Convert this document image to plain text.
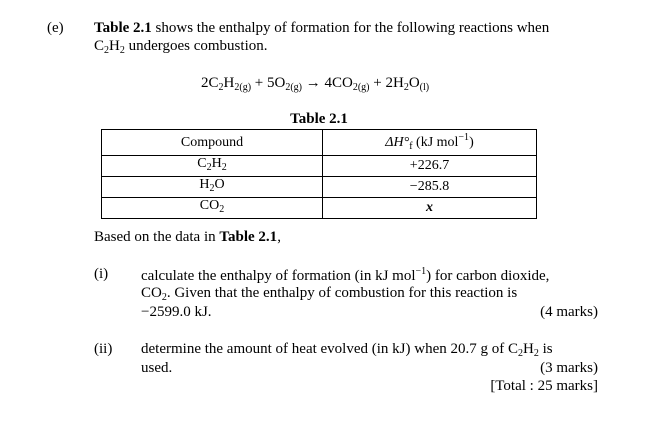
(e) Table 2.1 shows the enthalpy of formation for the following reactions when
$C_2H_2$ undergoes combustion.
$2C_2H_{2(g)} + 5O_{2(g)} \to 4CO_{2(g)} + 2H_2O_{(l)}$
Table 2.1
Compound	$\Delta H^\circ_f$ (kJ mol$^{-1}$)
$C_2H_2$	+226.7
$H_2O$	−285.8
$CO_2$	x
Based on the data in Table 2.1,
(i) calculate the enthalpy of formation (in kJ mol$^{-1}$) for carbon dioxide,
$CO_2$. Given that the enthalpy of combustion for this reaction is
−2599.0 kJ.	(4 marks)
(ii) determine the amount of heat evolved (in kJ) when 20.7 g of $C_2H_2$ is
used.	(3 marks)
[Total : 25 marks]
